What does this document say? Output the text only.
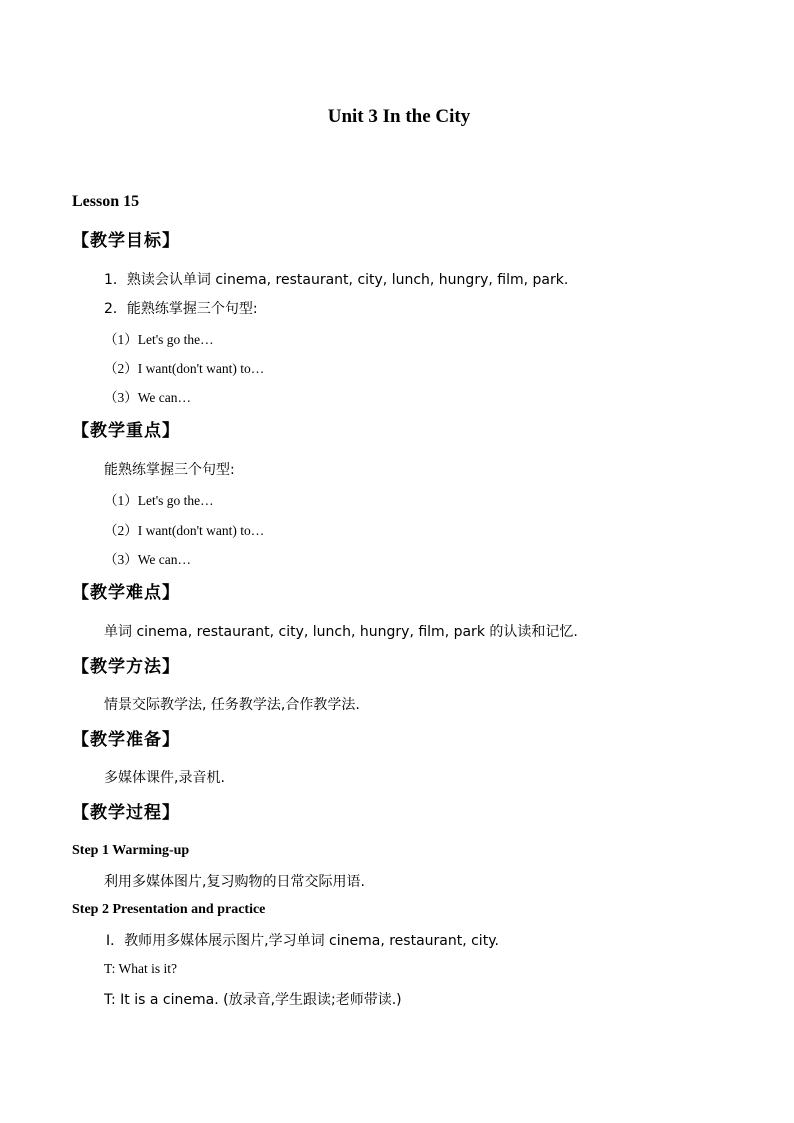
Unit 3 In the City
Lesson 15
【教学目标】
1．熟读会认单词 cinema, restaurant, city, lunch, hungry, film, park.
2．能熟练掌握三个句型:
（1）Let's go the…
（2）I want(don't want) to…
（3）We can…
【教学重点】
能熟练掌握三个句型:
（1）Let's go the…
（2）I want(don't want) to…
（3）We can…
【教学难点】
单词 cinema, restaurant, city, lunch, hungry, film, park 的认读和记忆.
【教学方法】
情景交际教学法, 任务教学法,合作教学法.
【教学准备】
多媒体课件,录音机.
【教学过程】
Step 1 Warming-up
利用多媒体图片,复习购物的日常交际用语.
Step 2 Presentation and practice
Ⅰ．教师用多媒体展示图片,学习单词 cinema, restaurant, city.
T: What is it?
T: It is a cinema. (放录音,学生跟读;老师带读.)
